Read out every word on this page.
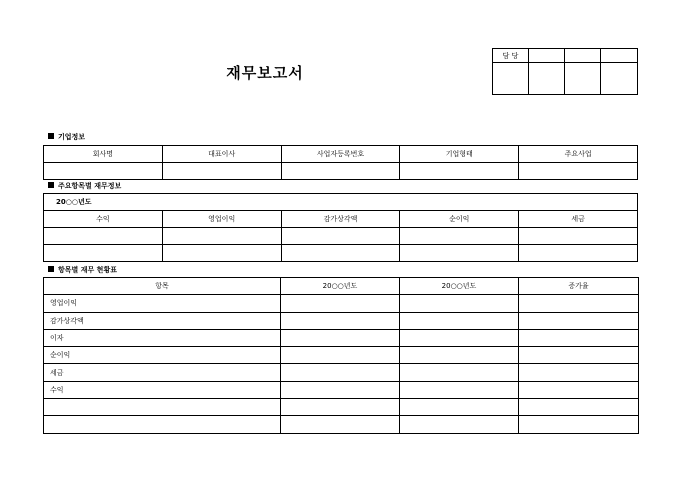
재무보고서
담 당			

기업정보
회사명	대표이사	사업자등록번호	기업형태	주요사업

주요항목별 재무정보
20○○년도				
수익	영업이익	감가상각액	순이익	세금

항목별 재무 현황표
항목	20○○년도	20○○년도	증가율
영업이익			
감가상각액			
이자			
순이익			
세금			
수익			
